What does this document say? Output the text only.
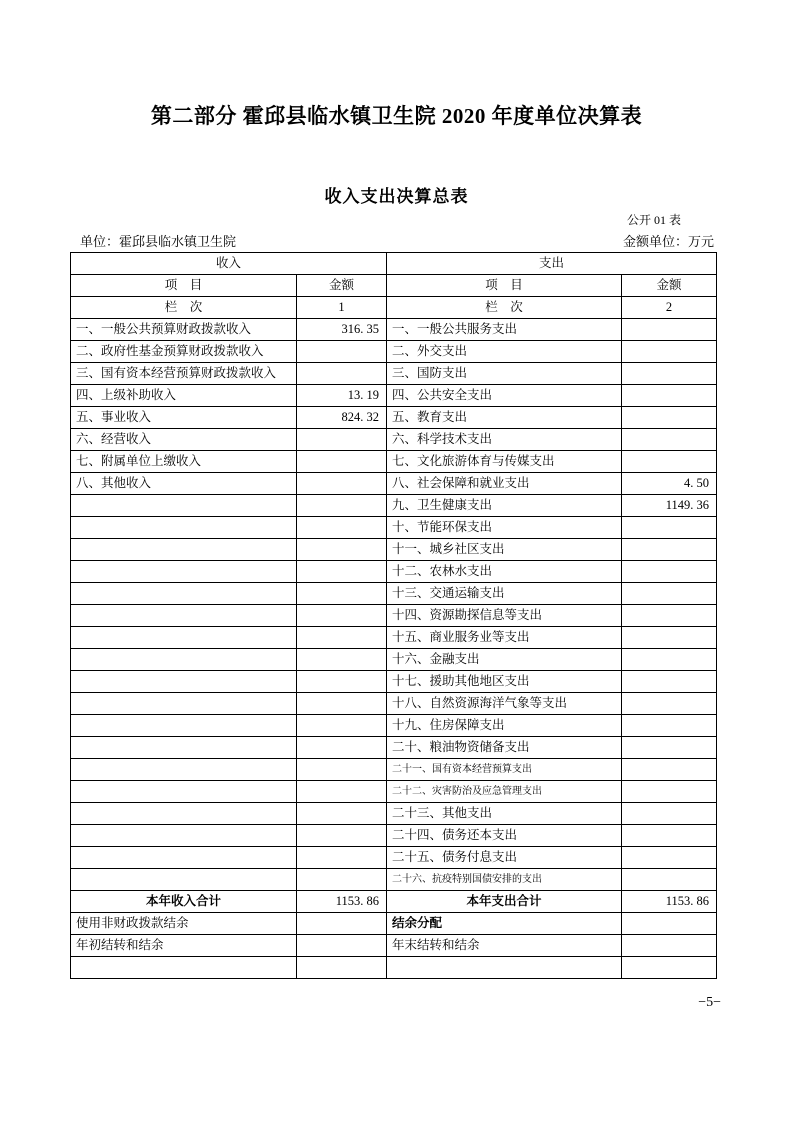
第二部分 霍邱县临水镇卫生院 2020 年度单位决算表
收入支出决算总表
公开 01 表
单位：霍邱县临水镇卫生院	金额单位：万元
收入		支出	
项　目	金额	项　目	金额
栏　次	1	栏　次	2
一、一般公共预算财政拨款收入	316. 35	一、一般公共服务支出	
二、政府性基金预算财政拨款收入		二、外交支出	
三、国有资本经营预算财政拨款收入		三、国防支出	
四、上级补助收入	13. 19	四、公共安全支出	
五、事业收入	824. 32	五、教育支出	
六、经营收入		六、科学技术支出	
七、附属单位上缴收入		七、文化旅游体育与传媒支出	
八、其他收入		八、社会保障和就业支出	4. 50
		九、卫生健康支出	1149. 36
		十、节能环保支出	
		十一、城乡社区支出	
		十二、农林水支出	
		十三、交通运输支出	
		十四、资源勘探信息等支出	
		十五、商业服务业等支出	
		十六、金融支出	
		十七、援助其他地区支出	
		十八、自然资源海洋气象等支出	
		十九、住房保障支出	
		二十、粮油物资储备支出	
		二十一、国有资本经营预算支出	
		二十二、灾害防治及应急管理支出	
		二十三、其他支出	
		二十四、债务还本支出	
		二十五、债务付息支出	
		二十六、抗疫特别国债安排的支出	
本年收入合计	1153. 86	本年支出合计	1153. 86
使用非财政拨款结余		结余分配	
年初结转和结余		年末结转和结余	

−5−
